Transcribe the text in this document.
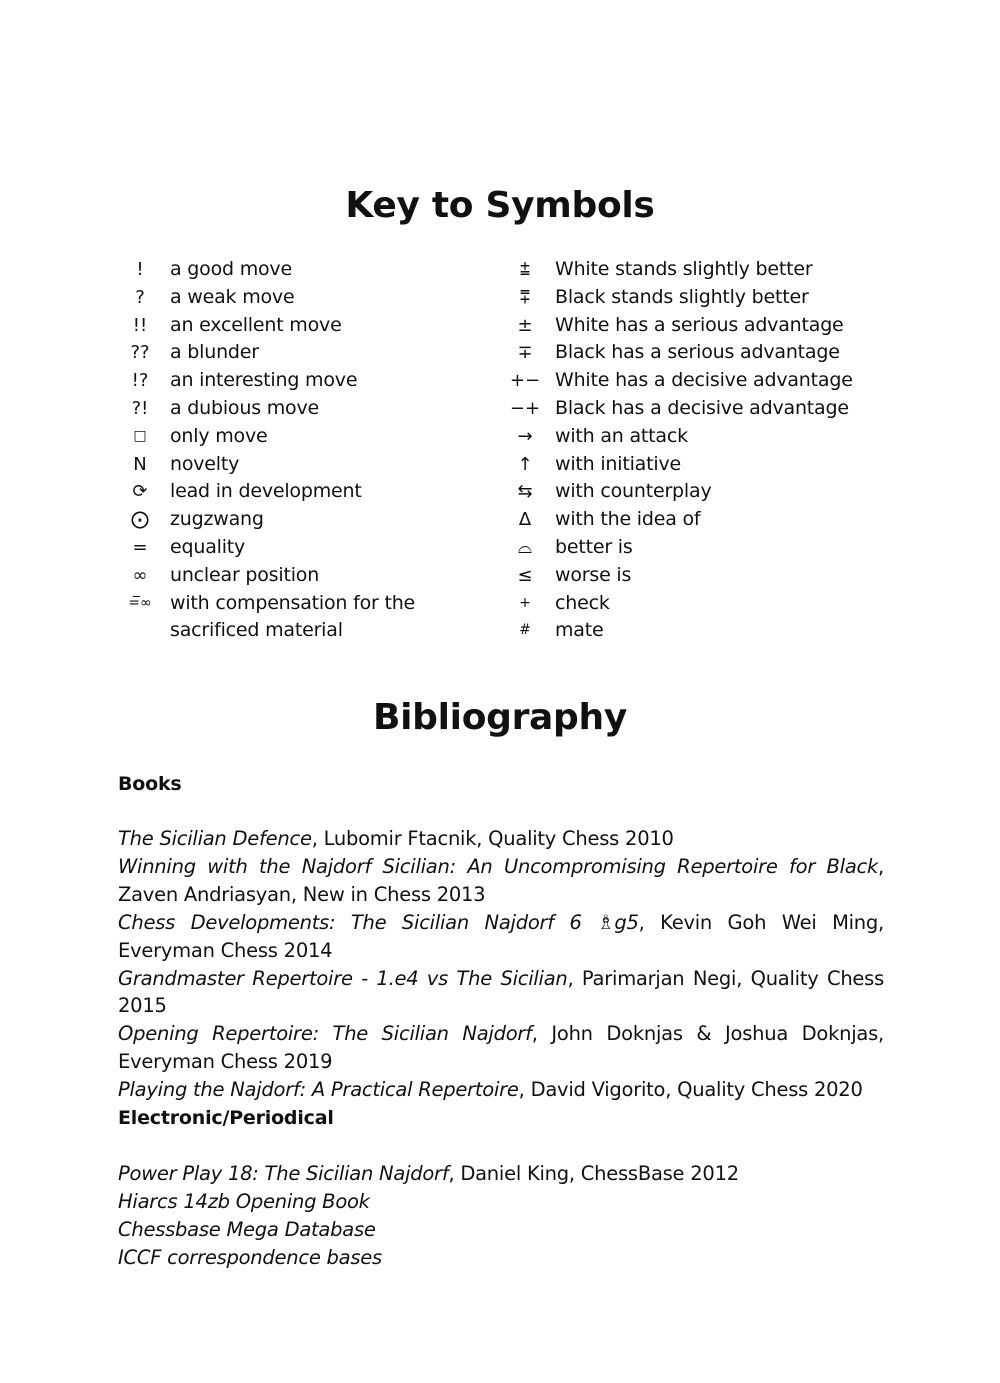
Key to Symbols
!	a good move
?	a weak move
!!	an excellent move
??	a blunder
!?	an interesting move
?!	a dubious move
□	only move
N	novelty
⟳	lead in development
⨀	zugzwang
=	equality
∞	unclear position
=̅∞ with compensation for the
sacrificed material
⩲	White stands slightly better
⩱	Black stands slightly better
±	White has a serious advantage
∓	Black has a serious advantage
+− White has a decisive advantage
−+ Black has a decisive advantage
→	with an attack
↑	with initiative
⇆	with counterplay
Δ	with the idea of
⌓	better is
≤	worse is
+	check
#	mate
Bibliography
Books
The Sicilian Defence, Lubomir Ftacnik, Quality Chess 2010
Winning with the Najdorf Sicilian: An Uncompromising Repertoire for Black, Zaven Andriasyan, New in Chess 2013
Chess Developments: The Sicilian Najdorf 6 ♗g5, Kevin Goh Wei Ming, Everyman Chess 2014
Grandmaster Repertoire - 1.e4 vs The Sicilian, Parimarjan Negi, Quality Chess 2015
Opening Repertoire: The Sicilian Najdorf, John Doknjas & Joshua Doknjas, Everyman Chess 2019
Playing the Najdorf: A Practical Repertoire, David Vigorito, Quality Chess 2020
Electronic/Periodical
Power Play 18: The Sicilian Najdorf, Daniel King, ChessBase 2012
Hiarcs 14zb Opening Book
Chessbase Mega Database
ICCF correspondence bases
